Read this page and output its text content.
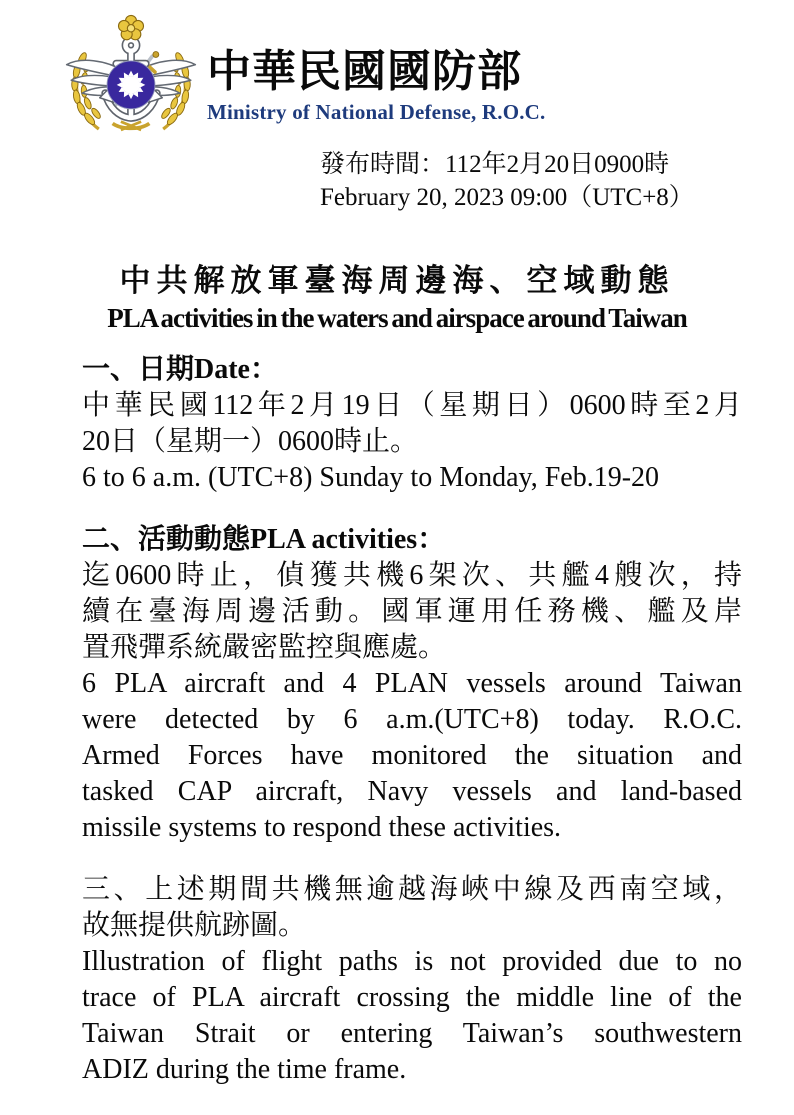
中華民國國防部
Ministry of National Defense, R.O.C.
發布時間：112年2月20日0900時
February 20, 2023 09:00（UTC+8）
中共解放軍臺海周邊海、空域動態
PLA activities in the waters and airspace around Taiwan
一、日期Date：
中華民國112年2月19日（星期日）0600時至2月
20日（星期一）0600時止。
6 to 6 a.m. (UTC+8) Sunday to Monday, Feb.19-20
二、活動動態PLA activities：
迄0600時止，偵獲共機6架次、共艦4艘次，持
續在臺海周邊活動。國軍運用任務機、艦及岸
置飛彈系統嚴密監控與應處。
6 PLA aircraft and 4 PLAN vessels around Taiwan
were detected by 6 a.m.(UTC+8) today. R.O.C.
Armed Forces have monitored the situation and
tasked CAP aircraft, Navy vessels and land-based
missile systems to respond these activities.
三、上述期間共機無逾越海峽中線及西南空域，
故無提供航跡圖。
Illustration of flight paths is not provided due to no
trace of PLA aircraft crossing the middle line of the
Taiwan Strait or entering Taiwan’s southwestern
ADIZ during the time frame.
